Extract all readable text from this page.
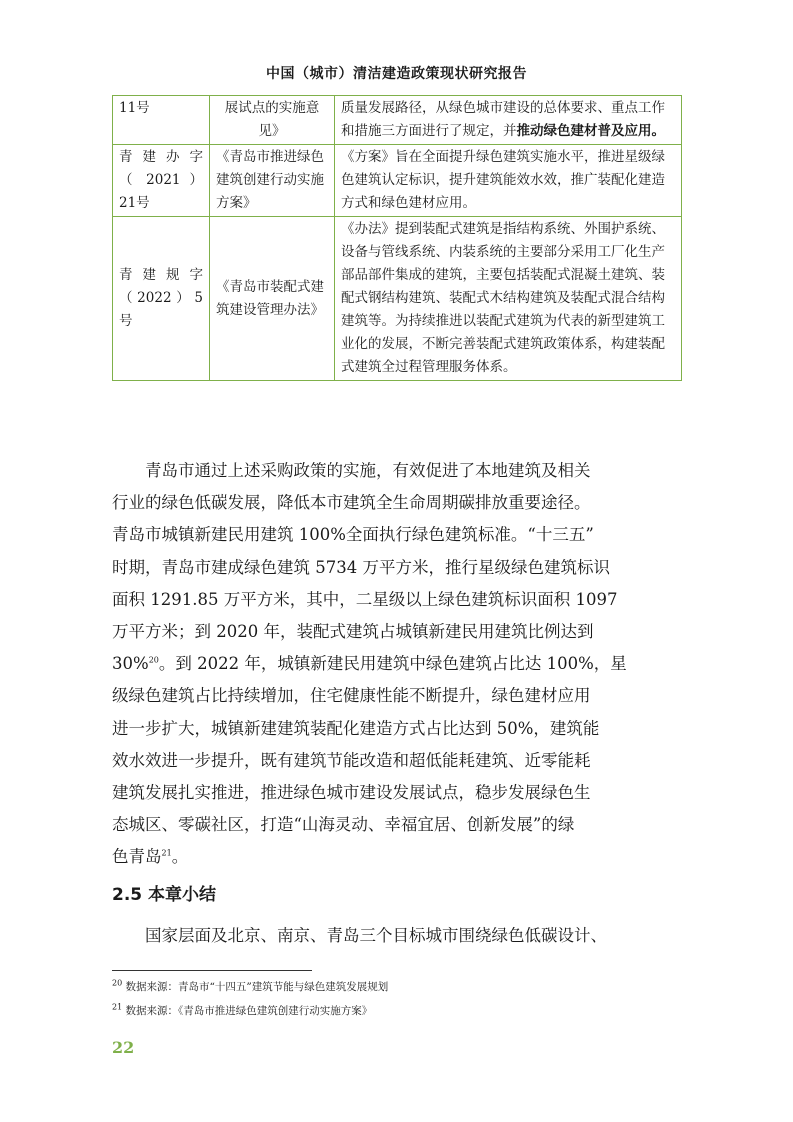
中国（城市）清洁建造政策现状研究报告
11号	展试点的实施意见》	质量发展路径，从绿色城市建设的总体要求、重点工作和措施三方面进行了规定，并推动绿色建材普及应用。

青 建 办 字
（ 2021 ）
21号	《青岛市推进绿色建筑创建行动实施方案》	《方案》旨在全面提升绿色建筑实施水平，推进星级绿色建筑认定标识，提升建筑能效水效，推广装配化建造方式和绿色建材应用。

青 建 规 字
（2022）5
号	《青岛市装配式建筑建设管理办法》	《办法》提到装配式建筑是指结构系统、外围护系统、设备与管线系统、内装系统的主要部分采用工厂化生产部品部件集成的建筑，主要包括装配式混凝土建筑、装配式钢结构建筑、装配式木结构建筑及装配式混合结构建筑等。为持续推进以装配式建筑为代表的新型建筑工业化的发展，不断完善装配式建筑政策体系，构建装配式建筑全过程管理服务体系。
青岛市通过上述采购政策的实施，有效促进了本地建筑及相关
行业的绿色低碳发展，降低本市建筑全生命周期碳排放重要途径。
青岛市城镇新建民用建筑 100%全面执行绿色建筑标准。“十三五”
时期，青岛市建成绿色建筑 5734 万平方米，推行星级绿色建筑标识
面积 1291.85 万平方米，其中，二星级以上绿色建筑标识面积 1097
万平方米；到 2020 年，装配式建筑占城镇新建民用建筑比例达到
30%$^{20}$。到 2022 年，城镇新建民用建筑中绿色建筑占比达 100%，星
级绿色建筑占比持续增加，住宅健康性能不断提升，绿色建材应用
进一步扩大，城镇新建建筑装配化建造方式占比达到 50%，建筑能
效水效进一步提升，既有建筑节能改造和超低能耗建筑、近零能耗
建筑发展扎实推进，推进绿色城市建设发展试点，稳步发展绿色生
态城区、零碳社区，打造“山海灵动、幸福宜居、创新发展”的绿
色青岛$^{21}$。
2.5 本章小结

国家层面及北京、南京、青岛三个目标城市围绕绿色低碳设计、

$^{20}$ 数据来源：青岛市“十四五”建筑节能与绿色建筑发展规划
$^{21}$ 数据来源：《青岛市推进绿色建筑创建行动实施方案》
22
